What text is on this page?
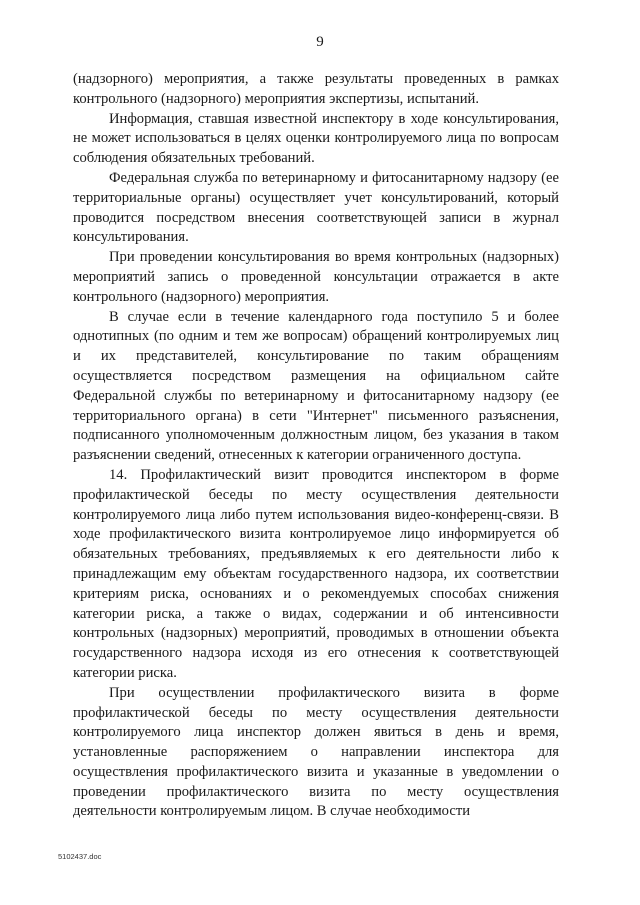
9

(надзорного) мероприятия, а также результаты проведенных в рамках контрольного (надзорного) мероприятия экспертизы, испытаний.

Информация, ставшая известной инспектору в ходе консультирования, не может использоваться в целях оценки контролируемого лица по вопросам соблюдения обязательных требований.

Федеральная служба по ветеринарному и фитосанитарному надзору (ее территориальные органы) осуществляет учет консультирований, который проводится посредством внесения соответствующей записи в журнал консультирования.

При проведении консультирования во время контрольных (надзорных) мероприятий запись о проведенной консультации отражается в акте контрольного (надзорного) мероприятия.

В случае если в течение календарного года поступило 5 и более однотипных (по одним и тем же вопросам) обращений контролируемых лиц и их представителей, консультирование по таким обращениям осуществляется посредством размещения на официальном сайте Федеральной службы по ветеринарному и фитосанитарному надзору (ее территориального органа) в сети "Интернет" письменного разъяснения, подписанного уполномоченным должностным лицом, без указания в таком разъяснении сведений, отнесенных к категории ограниченного доступа.

14. Профилактический визит проводится инспектором в форме профилактической беседы по месту осуществления деятельности контролируемого лица либо путем использования видео-конференц-связи. В ходе профилактического визита контролируемое лицо информируется об обязательных требованиях, предъявляемых к его деятельности либо к принадлежащим ему объектам государственного надзора, их соответствии критериям риска, основаниях и о рекомендуемых способах снижения категории риска, а также о видах, содержании и об интенсивности контрольных (надзорных) мероприятий, проводимых в отношении объекта государственного надзора исходя из его отнесения к соответствующей категории риска.

При осуществлении профилактического визита в форме профилактической беседы по месту осуществления деятельности контролируемого лица инспектор должен явиться в день и время, установленные распоряжением о направлении инспектора для осуществления профилактического визита и указанные в уведомлении о проведении профилактического визита по месту осуществления деятельности контролируемым лицом. В случае необходимости

5102437.doc
